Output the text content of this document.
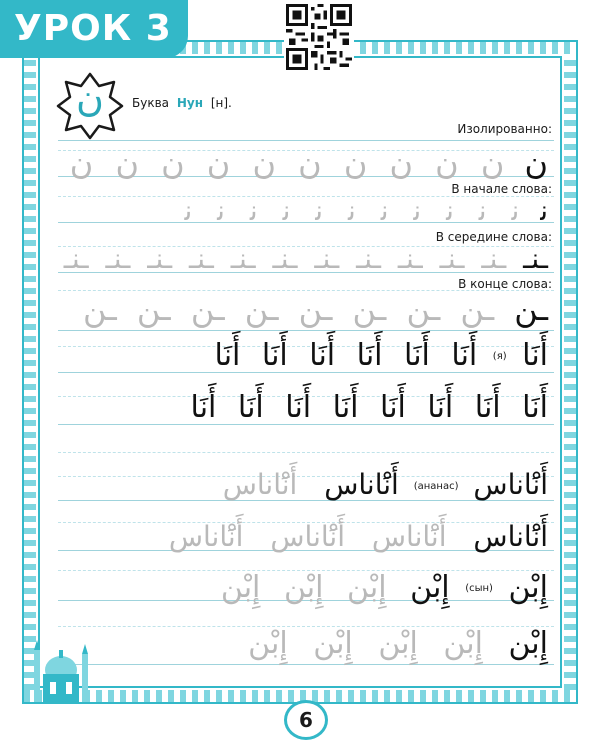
УРОК 3
ن	Буква Нун [н].
Изолированно:
В начале слова:
В середине слова:
В конце слова:
ن ن ن ن ن ن ن ن ن ن ن
ﻧ ﻧ ﻧ ﻧ ﻧ ﻧ ﻧ ﻧ ﻧ ﻧ ﻧ ﻧ
ـنـ ـنـ ـنـ ـنـ ـنـ ـنـ ـنـ ـنـ ـنـ ـنـ ـنـ ـنـ
ـن ـن ـن ـن ـن ـن ـن ـن ـن
أَنَا (я) أَنَا أَنَا أَنَا أَنَا أَنَا أَنَا
أَنَا أَنَا أَنَا أَنَا أَنَا أَنَا أَنَا أَنَا
أَنَْاناس (ананас) أَنَْاناس أَنَْاناس
أَنَْاناس أَنَْاناس أَنَْاناس أَنَْاناس
إِبْن (сын) إِبْن إِبْن إِبْن إِبْن
إِبْن إِبْن إِبْن إِبْن إِبْن
6
